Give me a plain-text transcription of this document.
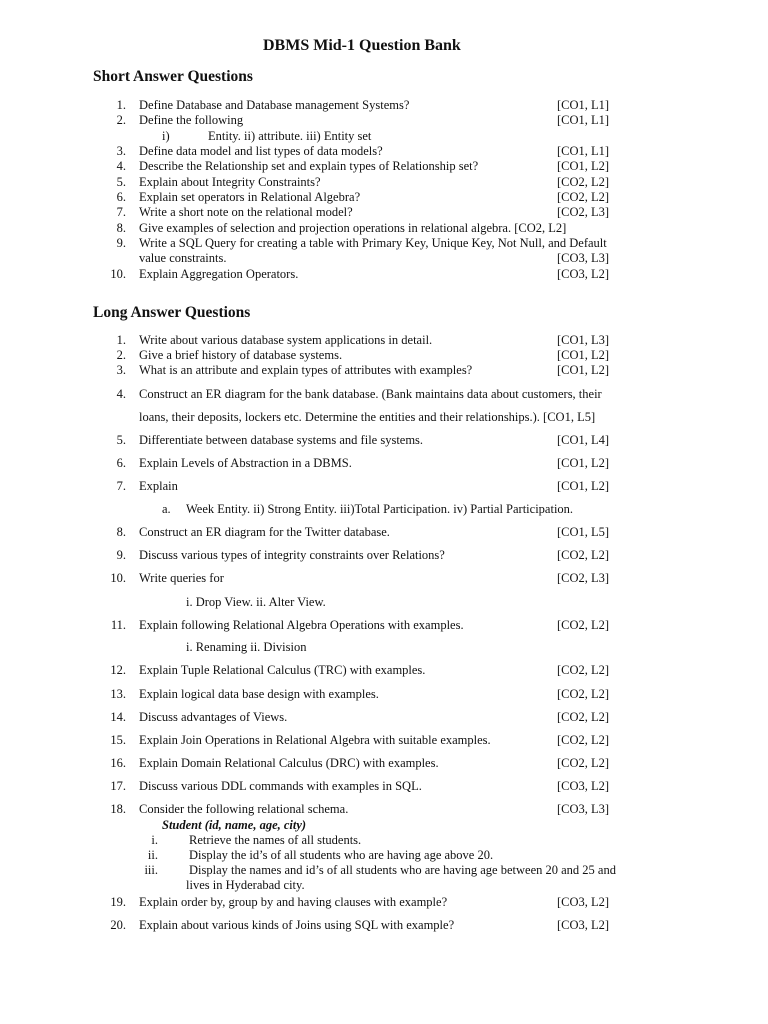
DBMS Mid-1 Question Bank
Short Answer Questions
1. Define Database and Database management Systems?	[CO1, L1]
2. Define the following	[CO1, L1]
i)	Entity. ii) attribute. iii) Entity set
3. Define data model and list types of data models?	[CO1, L1]
4. Describe the Relationship set and explain types of Relationship set?	[CO1, L2]
5. Explain about Integrity Constraints?	[CO2, L2]
6. Explain set operators in Relational Algebra?	[CO2, L2]
7. Write a short note on the relational model?	[CO2, L3]
8. Give examples of selection and projection operations in relational algebra. [CO2, L2]
9. Write a SQL Query for creating a table with Primary Key, Unique Key, Not Null, and Default
value constraints.	[CO3, L3]
10. Explain Aggregation Operators.	[CO3, L2]
Long Answer Questions
1. Write about various database system applications in detail.	[CO1, L3]
2. Give a brief history of database systems.	[CO1, L2]
3. What is an attribute and explain types of attributes with examples?	[CO1, L2]
4. Construct an ER diagram for the bank database. (Bank maintains data about customers, their
loans, their deposits, lockers etc. Determine the entities and their relationships.). [CO1, L5]
5. Differentiate between database systems and file systems.	[CO1, L4]
6. Explain Levels of Abstraction in a DBMS.	[CO1, L2]
7. Explain	[CO1, L2]
a. Week Entity. ii) Strong Entity. iii)Total Participation. iv) Partial Participation.
8. Construct an ER diagram for the Twitter database.	[CO1, L5]
9. Discuss various types of integrity constraints over Relations?	[CO2, L2]
10. Write queries for	[CO2, L3]
i. Drop View. ii. Alter View.
11. Explain following Relational Algebra Operations with examples.	[CO2, L2]
i. Renaming ii. Division
12. Explain Tuple Relational Calculus (TRC) with examples.	[CO2, L2]
13. Explain logical data base design with examples.	[CO2, L2]
14. Discuss advantages of Views.	[CO2, L2]
15. Explain Join Operations in Relational Algebra with suitable examples.	[CO2, L2]
16. Explain Domain Relational Calculus (DRC) with examples.	[CO2, L2]
17. Discuss various DDL commands with examples in SQL.	[CO3, L2]
18. Consider the following relational schema.	[CO3, L3]
Student (id, name, age, city)
i. Retrieve the names of all students.
ii. Display the id’s of all students who are having age above 20.
iii. Display the names and id’s of all students who are having age between 20 and 25 and
lives in Hyderabad city.
19. Explain order by, group by and having clauses with example?	[CO3, L2]
20. Explain about various kinds of Joins using SQL with example?	[CO3, L2]
